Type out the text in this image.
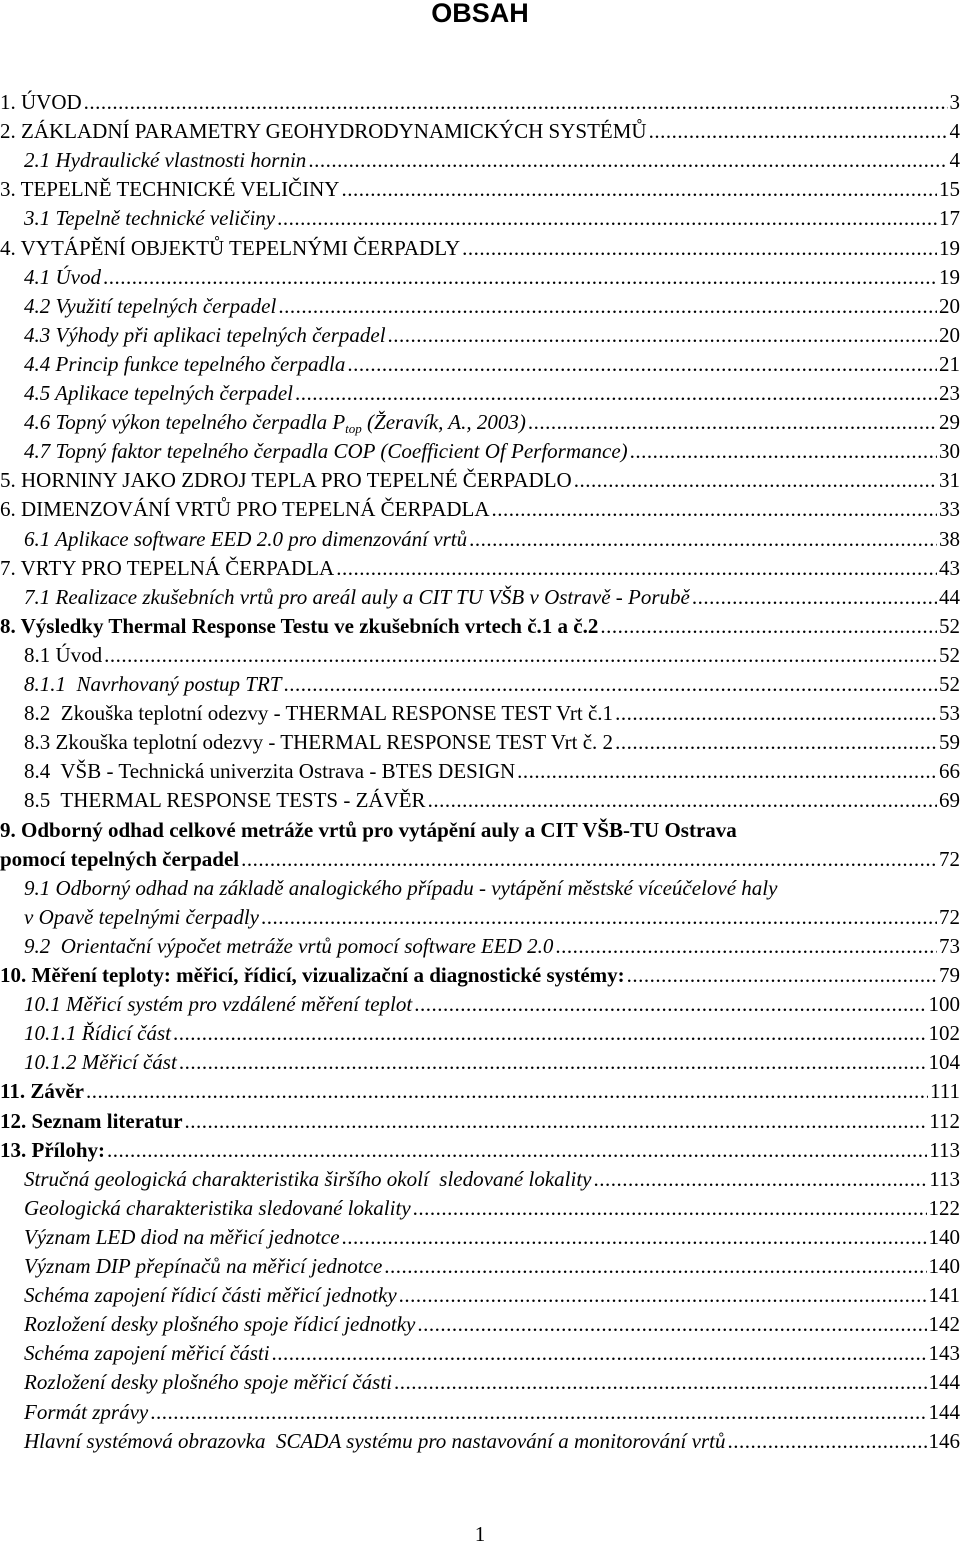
OBSAH
1. ÚVOD .....	3
2. ZÁKLADNÍ PARAMETRY GEOHYDRODYNAMICKÝCH SYSTÉMŮ .....	4
2.1 Hydraulické vlastnosti hornin .....	4
3. TEPELNĚ TECHNICKÉ VELIČINY .....	15
3.1 Tepelně technické veličiny .....	17
4. VYTÁPĚNÍ OBJEKTŮ TEPELNÝMI ČERPADLY .....	19
4.1 Úvod .....	19
4.2 Využití tepelných čerpadel .....	20
4.3 Výhody při aplikaci tepelných čerpadel .....	20
4.4 Princip funkce tepelného čerpadla .....	21
4.5 Aplikace tepelných čerpadel .....	23
4.6 Topný výkon tepelného čerpadla $P_{top}$ (Žeravík, A., 2003) .....	29
4.7 Topný faktor tepelného čerpadla COP (Coefficient Of Performance) .....	30
5. HORNINY JAKO ZDROJ TEPLA PRO TEPELNÉ ČERPADLO .....	31
6. DIMENZOVÁNÍ VRTŮ PRO TEPELNÁ ČERPADLA .....	33
6.1 Aplikace software EED 2.0 pro dimenzování vrtů .....	38
7. VRTY PRO TEPELNÁ ČERPADLA .....	43
7.1 Realizace zkušebních vrtů pro areál auly a CIT TU VŠB v Ostravě - Porubě .....	44
8. Výsledky Thermal Response Testu ve zkušebních vrtech č.1 a č.2 .....	52
8.1 Úvod .....	52
8.1.1  Navrhovaný postup TRT .....	52
8.2  Zkouška teplotní odezvy - THERMAL RESPONSE TEST Vrt č.1 .....	53
8.3 Zkouška teplotní odezvy - THERMAL RESPONSE TEST Vrt č. 2 .....	59
8.4  VŠB - Technická univerzita Ostrava - BTES DESIGN .....	66
8.5  THERMAL RESPONSE TESTS - ZÁVĚR .....	69
9. Odborný odhad celkové metráže vrtů pro vytápění auly a CIT VŠB-TU Ostrava
pomocí tepelných čerpadel .....	72
9.1 Odborný odhad na základě analogického případu - vytápění městské víceúčelové haly
v Opavě tepelnými čerpadly .....	72
9.2  Orientační výpočet metráže vrtů pomocí software EED 2.0 .....	73
10. Měření teploty: měřicí, řídicí, vizualizační a diagnostické systémy: .....	79
10.1 Měřicí systém pro vzdálené měření teplot .....	100
10.1.1 Řídicí část .....	102
10.1.2 Měřicí část .....	104
11. Závěr .....	111
12. Seznam literatur .....	112
13. Přílohy: .....	113
Stručná geologická charakteristika širšího okolí  sledované lokality .....	113
Geologická charakteristika sledované lokality .....	122
Význam LED diod na měřicí jednotce .....	140
Význam DIP přepínačů na měřicí jednotce .....	140
Schéma zapojení řídicí části měřicí jednotky .....	141
Rozložení desky plošného spoje řídicí jednotky .....	142
Schéma zapojení měřicí části .....	143
Rozložení desky plošného spoje měřicí části .....	144
Formát zprávy .....	144
Hlavní systémová obrazovka  SCADA systému pro nastavování a monitorování vrtů .....	146
1
